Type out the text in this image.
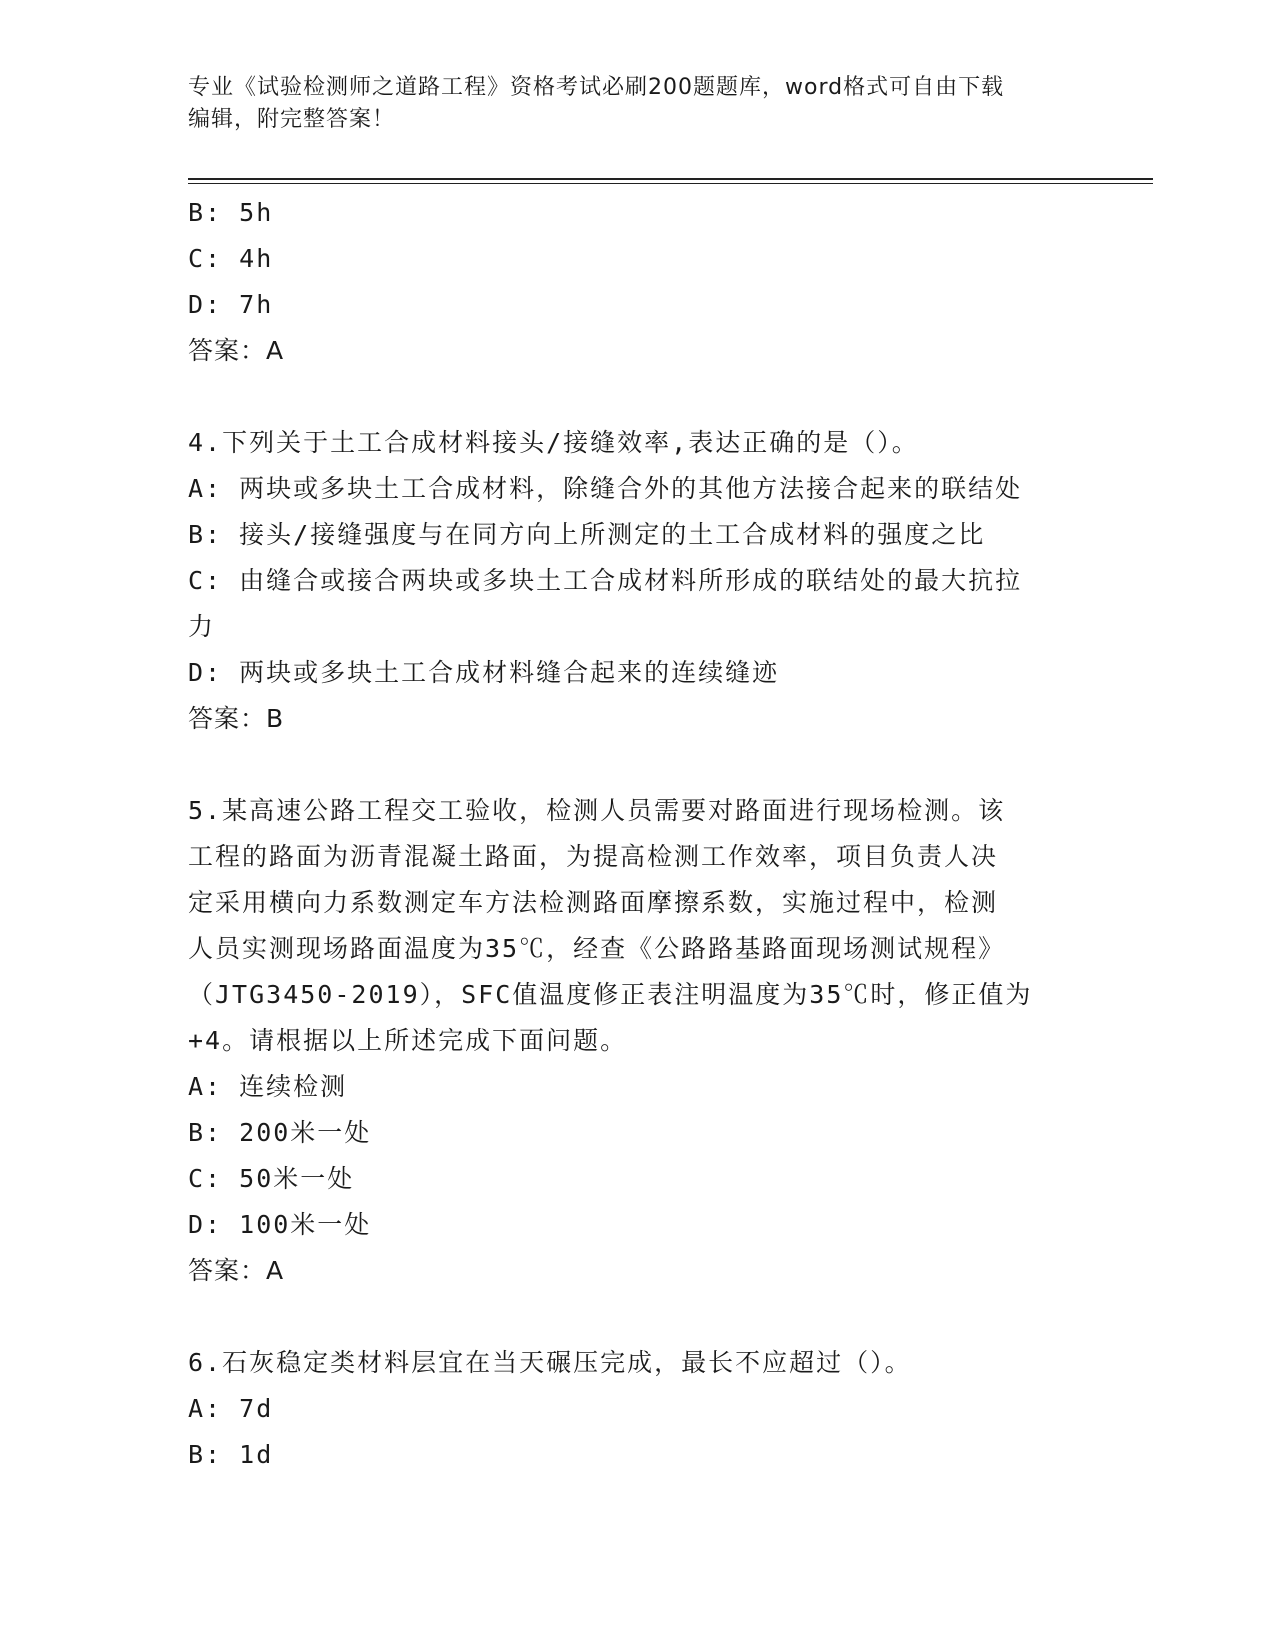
专业《试验检测师之道路工程》资格考试必刷200题题库，word格式可自由下载
编辑，附完整答案！
B: 5h
C: 4h
D: 7h
答案：A
4.下列关于土工合成材料接头/接缝效率,表达正确的是（）。
A: 两块或多块土工合成材料，除缝合外的其他方法接合起来的联结处
B: 接头/接缝强度与在同方向上所测定的土工合成材料的强度之比
C: 由缝合或接合两块或多块土工合成材料所形成的联结处的最大抗拉
力
D: 两块或多块土工合成材料缝合起来的连续缝迹
答案：B
5.某高速公路工程交工验收，检测人员需要对路面进行现场检测。该
工程的路面为沥青混凝土路面，为提高检测工作效率，项目负责人决
定采用横向力系数测定车方法检测路面摩擦系数，实施过程中，检测
人员实测现场路面温度为35℃，经查《公路路基路面现场测试规程》
（JTG3450-2019），SFC值温度修正表注明温度为35℃时，修正值为
+4。请根据以上所述完成下面问题。
A: 连续检测
B: 200米一处
C: 50米一处
D: 100米一处
答案：A
6.石灰稳定类材料层宜在当天碾压完成，最长不应超过（）。
A: 7d
B: 1d
